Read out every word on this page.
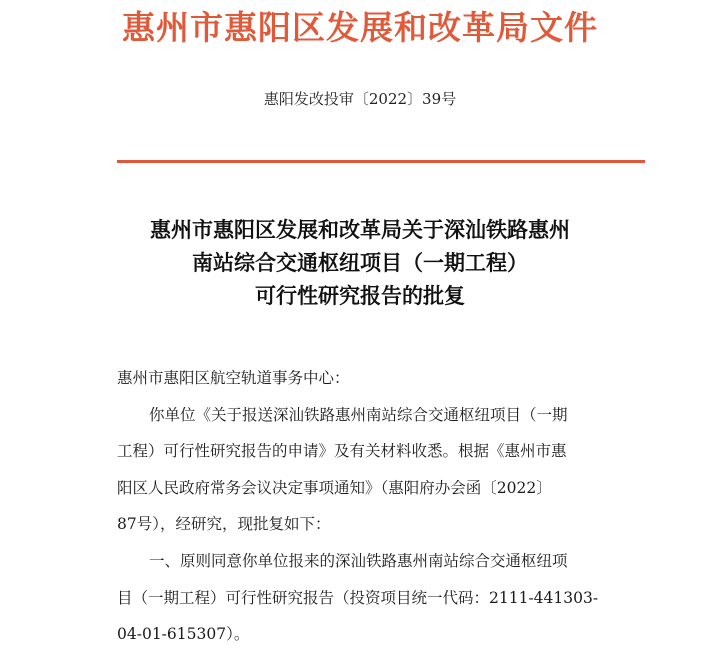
惠州市惠阳区发展和改革局文件
惠阳发改投审〔2022〕39号
惠州市惠阳区发展和改革局关于深汕铁路惠州
南站综合交通枢纽项目（一期工程）
可行性研究报告的批复
惠州市惠阳区航空轨道事务中心：
你单位《关于报送深汕铁路惠州南站综合交通枢纽项目（一期
工程）可行性研究报告的申请》及有关材料收悉。根据《惠州市惠
阳区人民政府常务会议决定事项通知》（惠阳府办会函〔2022〕
87号），经研究，现批复如下：
一、原则同意你单位报来的深汕铁路惠州南站综合交通枢纽项
目（一期工程）可行性研究报告（投资项目统一代码：2111-441303-
04-01-615307）。
